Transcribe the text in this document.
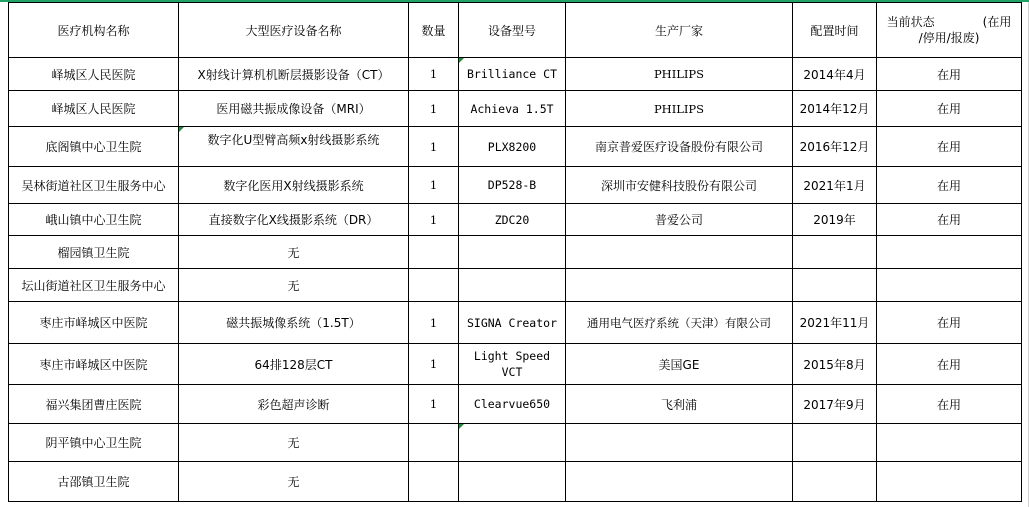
医疗机构名称	大型医疗设备名称	数量	设备型号	生产厂家	配置时间	当前状态　　　　(在用
/停用/报废)

峄城区人民医院	X射线计算机机断层摄影设备（CT）	1	Brilliance CT	PHILIPS	2014年4月	在用
峄城区人民医院	医用磁共振成像设备（MRI）	1	Achieva 1.5T	PHILIPS	2014年12月	在用
底阁镇中心卫生院	数字化U型臂高频x射线摄影系统	1	PLX8200	南京普爱医疗设备股份有限公司	2016年12月	在用
吴林街道社区卫生服务中心	数字化医用X射线摄影系统	1	DP528-B	深圳市安健科技股份有限公司	2021年1月	在用
峨山镇中心卫生院	直接数字化X线摄影系统（DR）	1	ZDC20	普爱公司	2019年	在用
榴园镇卫生院	无					
坛山街道社区卫生服务中心	无					
枣庄市峄城区中医院	磁共振城像系统（1.5T）	1	SIGNA Creator	通用电气医疗系统（天津）有限公司	2021年11月	在用
枣庄市峄城区中医院	64排128层CT	1	Light Speed
VCT	美国GE	2015年8月	在用
福兴集团曹庄医院	彩色超声诊断	1	Clearvue650	飞利浦	2017年9月	在用
阴平镇中心卫生院	无					
古邵镇卫生院	无					
